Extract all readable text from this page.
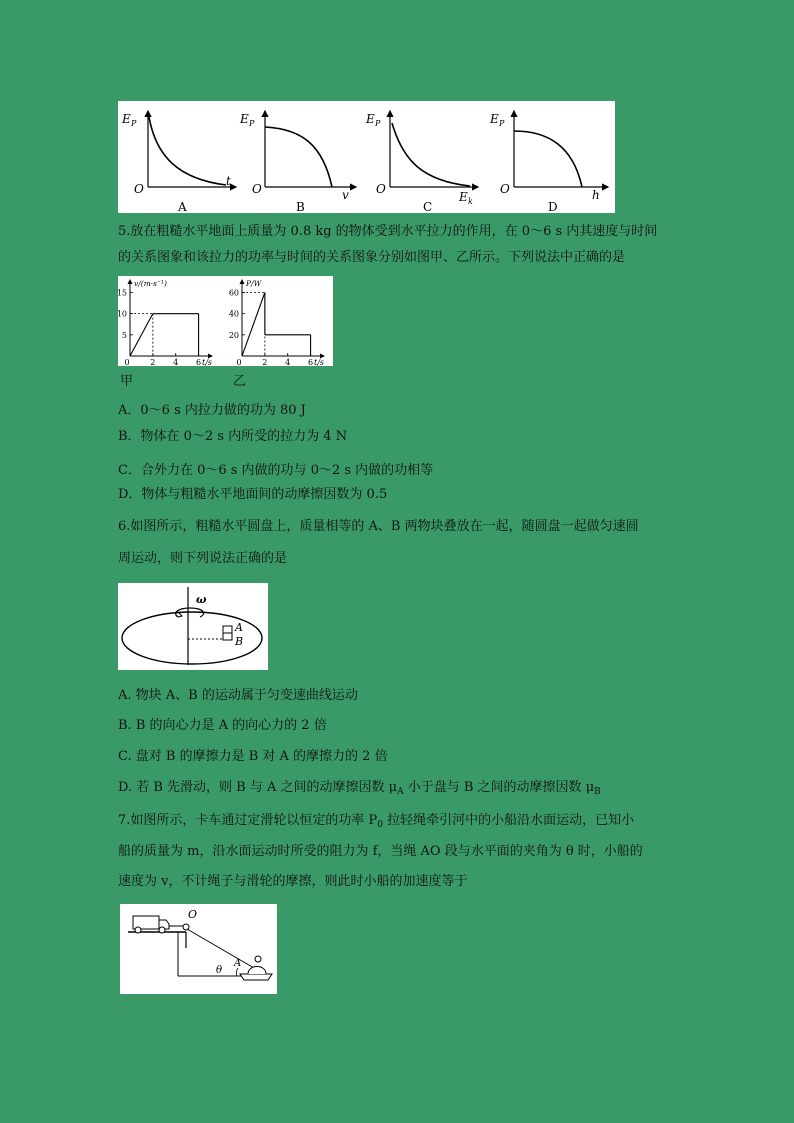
E P
O
t
A
E P
O	v
B
E P
O
E k
C
E P
O	h
D
5.放在粗糙水平地面上质量为 0.8 kg 的物体受到水平拉力的作用，在 0～6 s 内其速度与时间
的关系图象和该拉力的功率与时间的关系图象分别如图甲、乙所示。下列说法中正确的是
5
10
15
0	2 4 6
v/(m·s⁻¹)
t/s
20
40
60
0	2 4 6
P/W
t/s
甲	乙
A．0～6 s 内拉力做的功为 80 J
B．物体在 0～2 s 内所受的拉力为 4 N
C．合外力在 0～6 s 内做的功与 0～2 s 内做的功相等
D．物体与粗糙水平地面间的动摩擦因数为 0.5
6.如图所示，粗糙水平圆盘上，质量相等的 A、B 两物块叠放在一起，随圆盘一起做匀速圆
周运动，则下列说法正确的是
ω
A
B
A. 物块 A、B 的运动属于匀变速曲线运动
B. B 的向心力是 A 的向心力的 2 倍
C. 盘对 B 的摩擦力是 B 对 A 的摩擦力的 2 倍
D. 若 B 先滑动，则 B 与 A 之间的动摩擦因数 $\mu_A$ 小于盘与 B 之间的动摩擦因数 $\mu_B$
7.如图所示，卡车通过定滑轮以恒定的功率 $P_0$ 拉轻绳牵引河中的小船沿水面运动，已知小
船的质量为 m，沿水面运动时所受的阻力为 f，当绳 AO 段与水平面的夹角为 θ 时，小船的
速度为 v，不计绳子与滑轮的摩擦，则此时小船的加速度等于
O
A
θ
